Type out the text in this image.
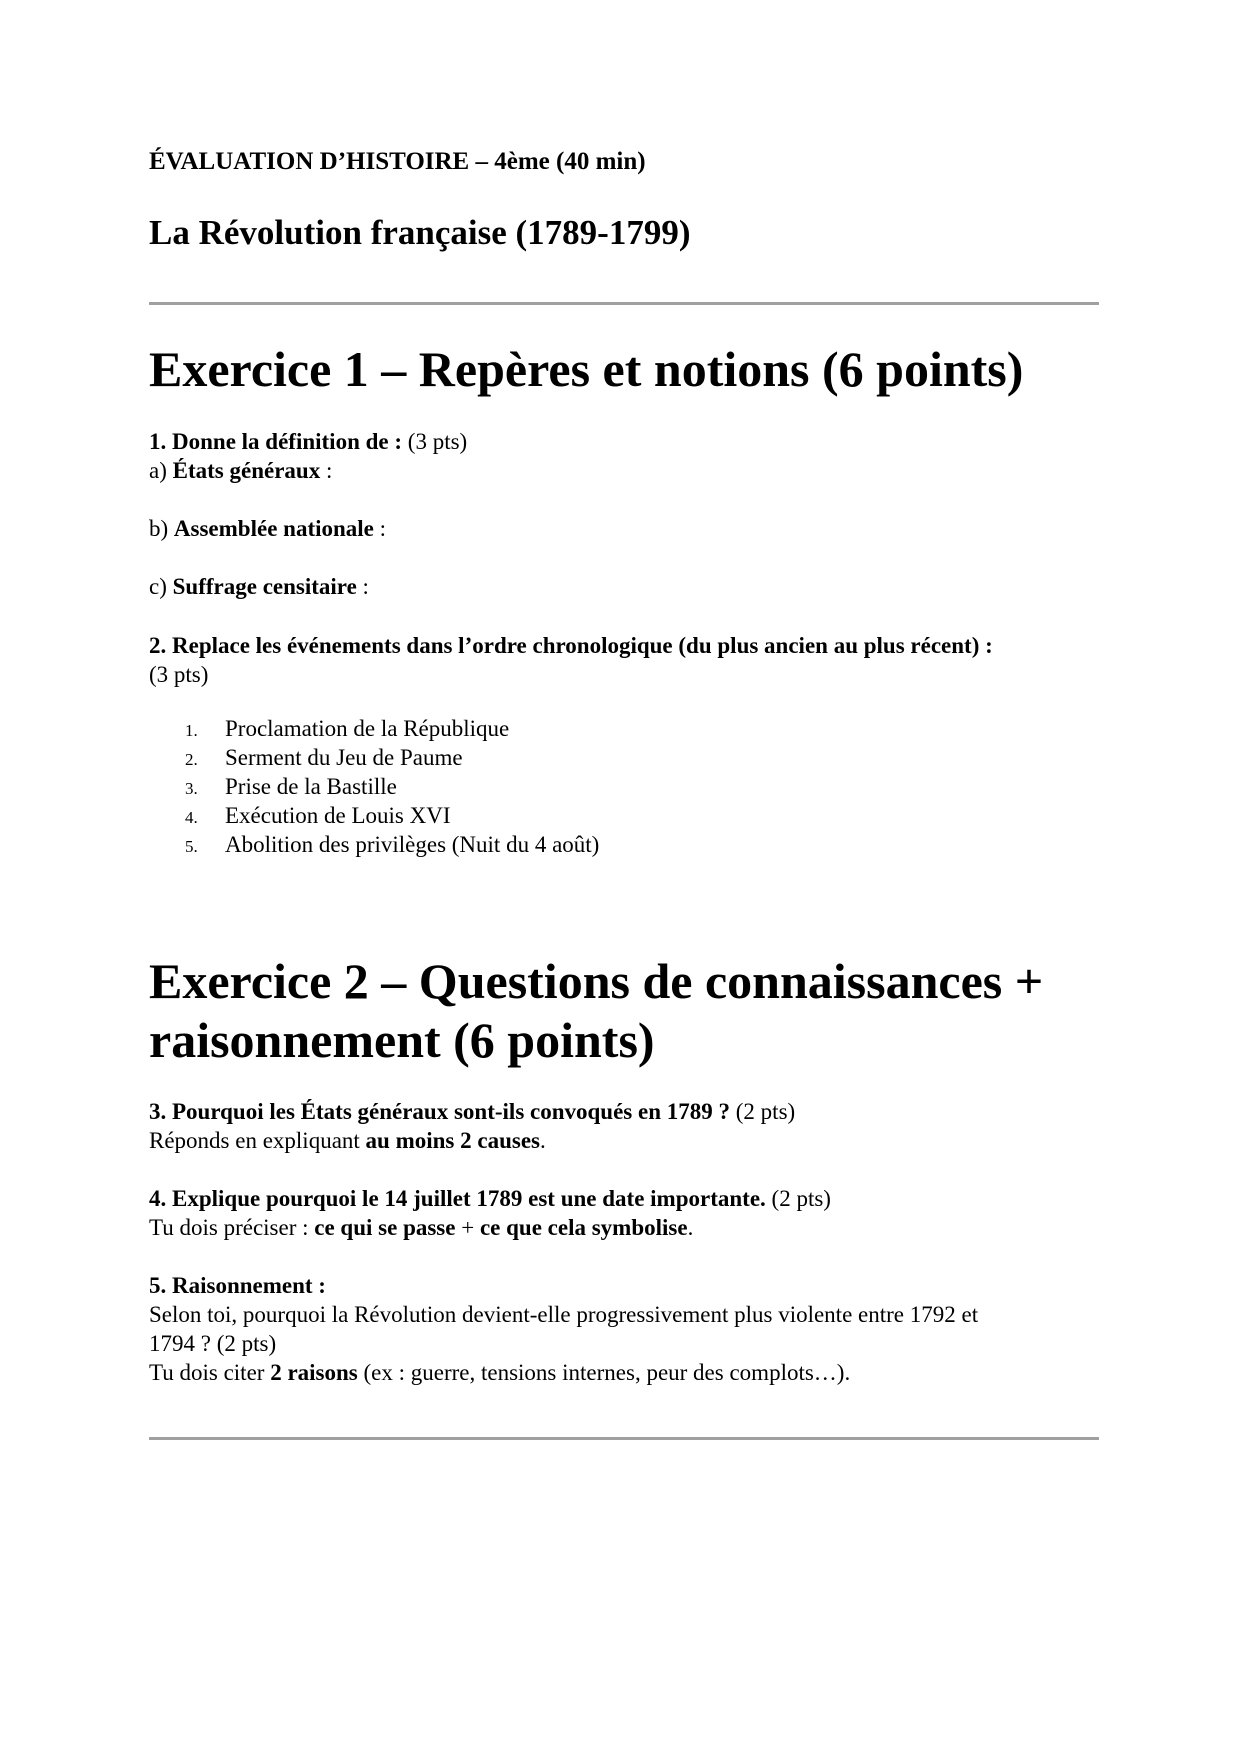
ÉVALUATION D’HISTOIRE – 4ème (40 min)

La Révolution française (1789-1799)

Exercice 1 – Repères et notions (6 points)

1. Donne la définition de : (3 pts)

a) États généraux :

b) Assemblée nationale :

c) Suffrage censitaire :

2. Replace les événements dans l’ordre chronologique (du plus ancien au plus récent) :

(3 pts)

1.	Proclamation de la République
2.	Serment du Jeu de Paume
3.	Prise de la Bastille
4.	Exécution de Louis XVI
5.	Abolition des privilèges (Nuit du 4 août)

Exercice 2 – Questions de connaissances +

raisonnement (6 points)

3. Pourquoi les États généraux sont-ils convoqués en 1789 ? (2 pts)

Réponds en expliquant au moins 2 causes.

4. Explique pourquoi le 14 juillet 1789 est une date importante. (2 pts)

Tu dois préciser : ce qui se passe + ce que cela symbolise.

5. Raisonnement :

Selon toi, pourquoi la Révolution devient-elle progressivement plus violente entre 1792 et

1794 ? (2 pts)

Tu dois citer 2 raisons (ex : guerre, tensions internes, peur des complots…).
